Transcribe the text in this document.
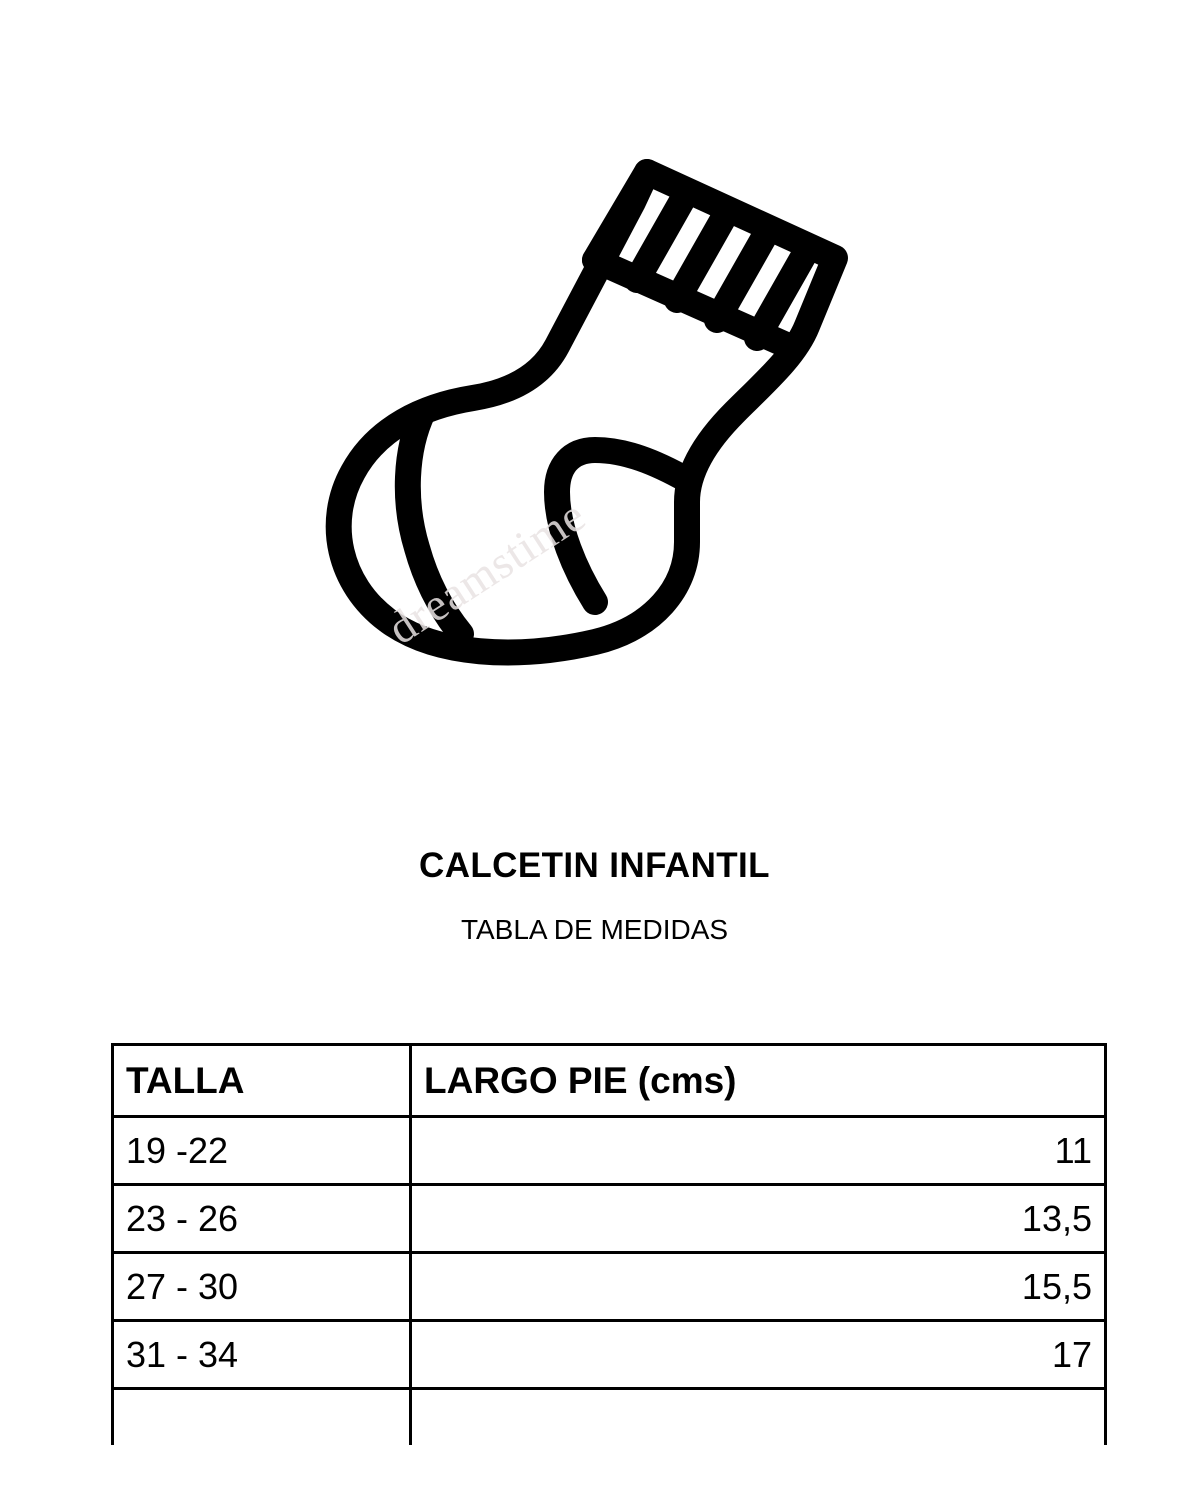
dreamstime
CALCETIN INFANTIL

TABLA DE MEDIDAS

TALLA	LARGO PIE (cms)
19 -22	11
23 - 26	13,5
27 - 30	15,5
31 - 34	17
